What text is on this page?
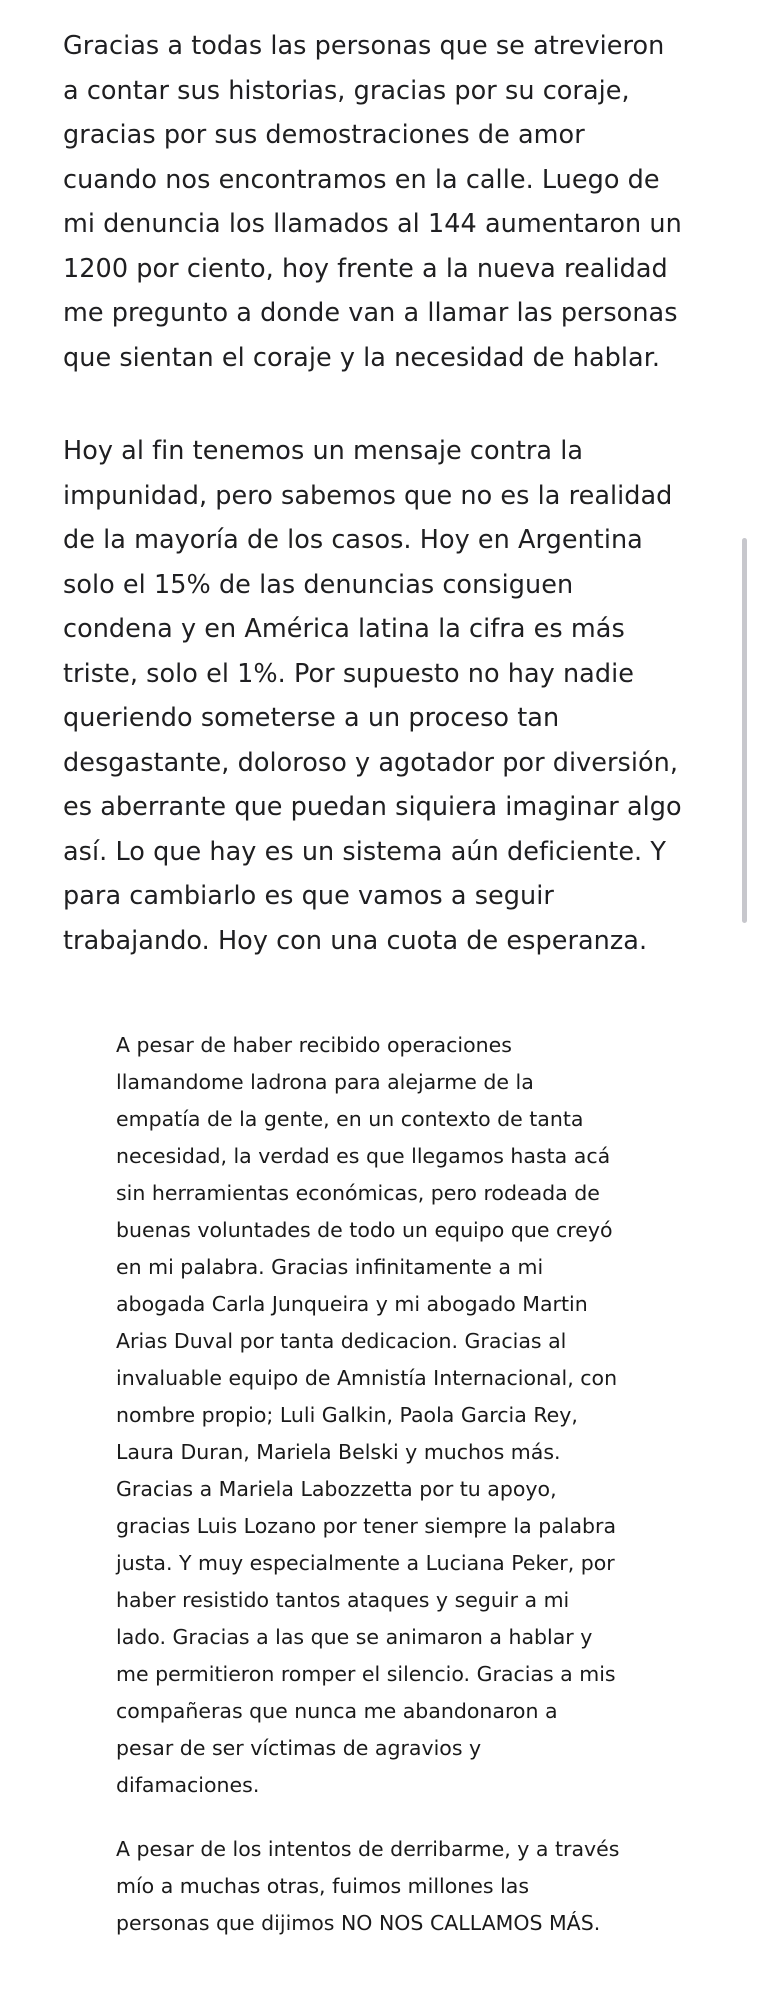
Gracias a todas las personas que se atrevieron
a contar sus historias, gracias por su coraje,
gracias por sus demostraciones de amor
cuando nos encontramos en la calle. Luego de
mi denuncia los llamados al 144 aumentaron un
1200 por ciento, hoy frente a la nueva realidad
me pregunto a donde van a llamar las personas
que sientan el coraje y la necesidad de hablar.

Hoy al fin tenemos un mensaje contra la
impunidad, pero sabemos que no es la realidad
de la mayoría de los casos. Hoy en Argentina
solo el 15% de las denuncias consiguen
condena y en América latina la cifra es más
triste, solo el 1%. Por supuesto no hay nadie
queriendo someterse a un proceso tan
desgastante, doloroso y agotador por diversión,
es aberrante que puedan siquiera imaginar algo
así. Lo que hay es un sistema aún deficiente. Y
para cambiarlo es que vamos a seguir
trabajando. Hoy con una cuota de esperanza.

A pesar de haber recibido operaciones
llamandome ladrona para alejarme de la
empatía de la gente, en un contexto de tanta
necesidad, la verdad es que llegamos hasta acá
sin herramientas económicas, pero rodeada de
buenas voluntades de todo un equipo que creyó
en mi palabra. Gracias infinitamente a mi
abogada Carla Junqueira y mi abogado Martin
Arias Duval por tanta dedicacion. Gracias al
invaluable equipo de Amnistía Internacional, con
nombre propio; Luli Galkin, Paola Garcia Rey,
Laura Duran, Mariela Belski y muchos más.
Gracias a Mariela Labozzetta por tu apoyo,
gracias Luis Lozano por tener siempre la palabra
justa. Y muy especialmente a Luciana Peker, por
haber resistido tantos ataques y seguir a mi
lado. Gracias a las que se animaron a hablar y
me permitieron romper el silencio. Gracias a mis
compañeras que nunca me abandonaron a
pesar de ser víctimas de agravios y
difamaciones.

A pesar de los intentos de derribarme, y a través
mío a muchas otras, fuimos millones las
personas que dijimos NO NOS CALLAMOS MÁS.
